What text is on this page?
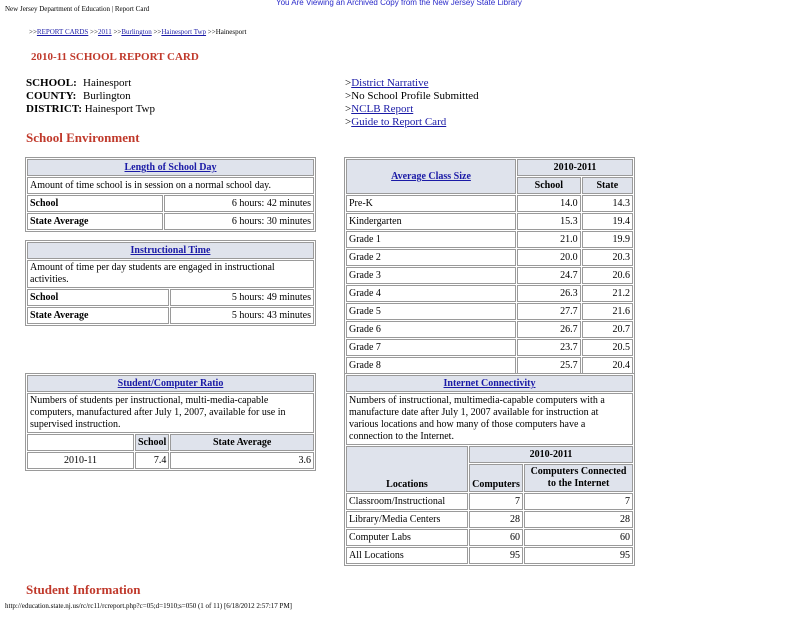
New Jersey Department of Education | Report Card
You Are Viewing an Archived Copy from the New Jersey State Library
>>REPORT CARDS >>2011 >>Burlington >>Hainesport Twp >>Hainesport
2010-11 SCHOOL REPORT CARD
SCHOOL: Hainesport
COUNTY: Burlington
DISTRICT: Hainesport Twp
>District Narrative
>No School Profile Submitted
>NCLB Report
>Guide to Report Card
School Environment
Length of School Day	
Amount of time school is in session on a normal school day.	
School	6 hours: 42 minutes
State Average	6 hours: 30 minutes
Instructional Time	
Amount of time per day students are engaged in instructional activities.	
School	5 hours: 49 minutes
State Average	5 hours: 43 minutes
Average Class Size	2010-2011	
	School	State
Pre-K	14.0	14.3
Kindergarten	15.3	19.4
Grade 1	21.0	19.9
Grade 2	20.0	20.3
Grade 3	24.7	20.6
Grade 4	26.3	21.2
Grade 5	27.7	21.6
Grade 6	26.7	20.7
Grade 7	23.7	20.5
Grade 8	25.7	20.4

Student/Computer Ratio		
Numbers of students per instructional, multi-media-capable computers, manufactured after July 1, 2007, available for use in supervised instruction.		
	School	State Average
2010-11	7.4	3.6
Internet Connectivity		
Numbers of instructional, multimedia-capable computers with a manufacture date after July 1, 2007 available for instruction at various locations and how many of those computers have a connection to the Internet.		
Locations	2010-2011	
	Computers	Computers Connected to the Internet
Classroom/Instructional	7	7
Library/Media Centers	28	28
Computer Labs	60	60
All Locations	95	95
Student Information
http://education.state.nj.us/rc/rc11/rcreport.php?c=05;d=1910;s=050 (1 of 11) [6/18/2012 2:57:17 PM]
